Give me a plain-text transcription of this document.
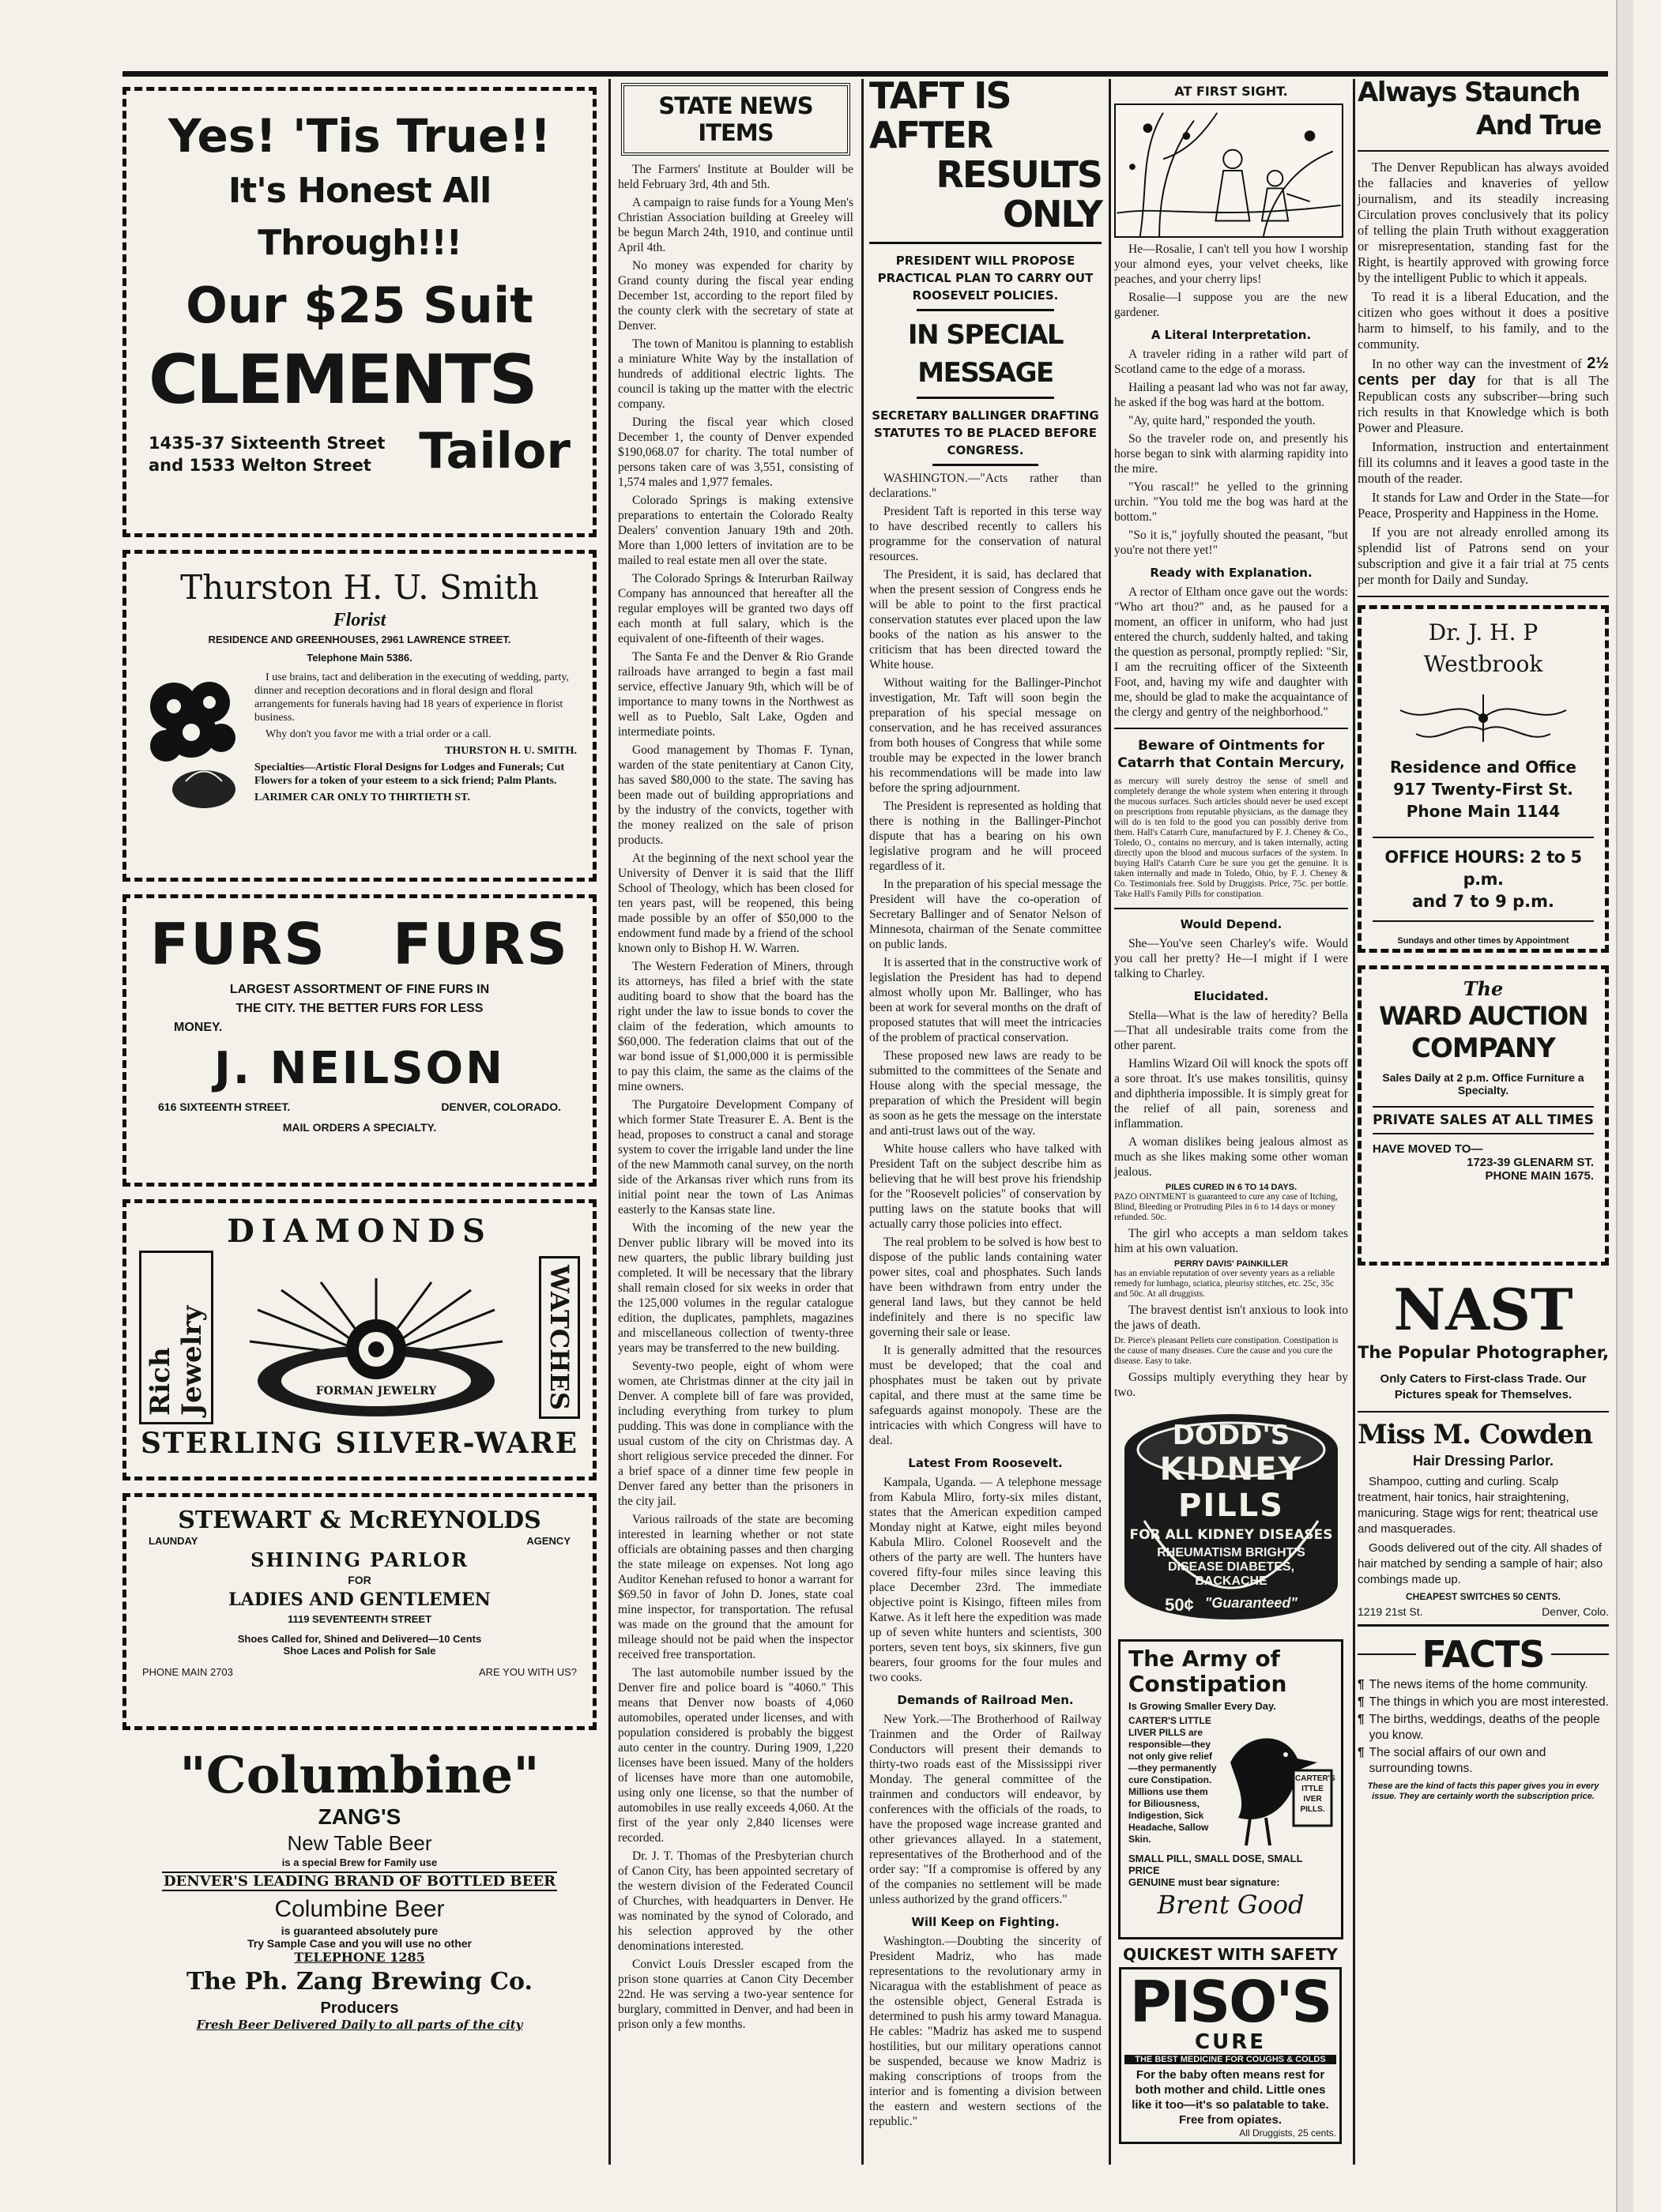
Yes! 'Tis True!!
It's Honest All Through!!!
Our $25 Suit
CLEMENTS
1435-37 Sixteenth Street
and 1533 Welton Street Tailor
Thurston H. U. Smith
Florist
RESIDENCE AND GREENHOUSES, 2961 LAWRENCE STREET.
Telephone Main 5386.

I use brains, tact and deliberation in the executing of wedding, party, dinner and reception decorations and in floral design and floral arrangements for funerals having had 18 years of experience in florist business.

Why don't you favor me with a trial order or a call.

THURSTON H. U. SMITH.

Specialties—Artistic Floral Designs for Lodges and Funerals; Cut Flowers for a token of your esteem to a sick friend; Palm Plants.

LARIMER CAR ONLY TO THIRTIETH ST.

FURS FURS
LARGEST ASSORTMENT OF FINE FURS IN
THE CITY. THE BETTER FURS FOR LESS
MONEY.
J. NEILSON
616 SIXTEENTH STREET.	DENVER, COLORADO.
MAIL ORDERS A SPECIALTY.
DIAMONDS
Rich Jewelry	FORMAN JEWELRY	WATCHES
STERLING SILVER-WARE
STEWART & McREYNOLDS
LAUNDAY	AGENCY
SHINING PARLOR
FOR
LADIES AND GENTLEMEN
1119 SEVENTEENTH STREET
Shoes Called for, Shined and Delivered—10 Cents
Shoe Laces and Polish for Sale
PHONE MAIN 2703	ARE YOU WITH US?
"Columbine"
ZANG'S
New Table Beer
is a special Brew for Family use
DENVER'S LEADING BRAND OF BOTTLED BEER
Columbine Beer
is guaranteed absolutely pure
Try Sample Case and you will use no other
TELEPHONE 1285
The Ph. Zang Brewing Co.
Producers
Fresh Beer Delivered Daily to all parts of the city
STATE NEWS ITEMS

The Farmers' Institute at Boulder will be held February 3rd, 4th and 5th.

A campaign to raise funds for a Young Men's Christian Association building at Greeley will be begun March 24th, 1910, and continue until April 4th.

No money was expended for charity by Grand county during the fiscal year ending December 1st, according to the report filed by the county clerk with the secretary of state at Denver.

The town of Manitou is planning to establish a miniature White Way by the installation of hundreds of additional electric lights. The council is taking up the matter with the electric company.

During the fiscal year which closed December 1, the county of Denver expended $190,068.07 for charity. The total number of persons taken care of was 3,551, consisting of 1,574 males and 1,977 females.

Colorado Springs is making extensive preparations to entertain the Colorado Realty Dealers' convention January 19th and 20th. More than 1,000 letters of invitation are to be mailed to real estate men all over the state.

The Colorado Springs & Interurban Railway Company has announced that hereafter all the regular employes will be granted two days off each month at full salary, which is the equivalent of one-fifteenth of their wages.

The Santa Fe and the Denver & Rio Grande railroads have arranged to begin a fast mail service, effective January 9th, which will be of importance to many towns in the Northwest as well as to Pueblo, Salt Lake, Ogden and intermediate points.

Good management by Thomas F. Tynan, warden of the state penitentiary at Canon City, has saved $80,000 to the state. The saving has been made out of building appropriations and by the industry of the convicts, together with the money realized on the sale of prison products.

At the beginning of the next school year the University of Denver it is said that the Iliff School of Theology, which has been closed for ten years past, will be reopened, this being made possible by an offer of $50,000 to the endowment fund made by a friend of the school known only to Bishop H. W. Warren.

The Western Federation of Miners, through its attorneys, has filed a brief with the state auditing board to show that the board has the right under the law to issue bonds to cover the claim of the federation, which amounts to $60,000. The federation claims that out of the war bond issue of $1,000,000 it is permissible to pay this claim, the same as the claims of the mine owners.

The Purgatoire Development Company of which former State Treasurer E. A. Bent is the head, proposes to construct a canal and storage system to cover the irrigable land under the line of the new Mammoth canal survey, on the north side of the Arkansas river which runs from its initial point near the town of Las Animas easterly to the Kansas state line.

With the incoming of the new year the Denver public library will be moved into its new quarters, the public library building just completed. It will be necessary that the library shall remain closed for six weeks in order that the 125,000 volumes in the regular catalogue edition, the duplicates, pamphlets, magazines and miscellaneous collection of twenty-three years may be transferred to the new building.

Seventy-two people, eight of whom were women, ate Christmas dinner at the city jail in Denver. A complete bill of fare was provided, including everything from turkey to plum pudding. This was done in compliance with the usual custom of the city on Christmas day. A short religious service preceded the dinner. For a brief space of a dinner time few people in Denver fared any better than the prisoners in the city jail.

Various railroads of the state are becoming interested in learning whether or not state officials are obtaining passes and then charging the state mileage on expenses. Not long ago Auditor Kenehan refused to honor a warrant for $69.50 in favor of John D. Jones, state coal mine inspector, for transportation. The refusal was made on the ground that the amount for mileage should not be paid when the inspector received free transportation.

The last automobile number issued by the Denver fire and police board is "4060." This means that Denver now boasts of 4,060 automobiles, operated under licenses, and with population considered is probably the biggest auto center in the country. During 1909, 1,220 licenses have been issued. Many of the holders of licenses have more than one automobile, using only one license, so that the number of automobiles in use really exceeds 4,060. At the first of the year only 2,840 licenses were recorded.

Dr. J. T. Thomas of the Presbyterian church of Canon City, has been appointed secretary of the western division of the Federated Council of Churches, with headquarters in Denver. He was nominated by the synod of Colorado, and his selection approved by the other denominations interested.

Convict Louis Dressler escaped from the prison stone quarries at Canon City December 22nd. He was serving a two-year sentence for burglary, committed in Denver, and had been in prison only a few months.

TAFT IS AFTER
RESULTS ONLY
PRESIDENT WILL PROPOSE PRACTICAL PLAN TO CARRY OUT ROOSEVELT POLICIES.
IN SPECIAL MESSAGE
SECRETARY BALLINGER DRAFTING STATUTES TO BE PLACED BEFORE CONGRESS.

WASHINGTON.—"Acts rather than declarations."

President Taft is reported in this terse way to have described recently to callers his programme for the conservation of natural resources.

The President, it is said, has declared that when the present session of Congress ends he will be able to point to the first practical conservation statutes ever placed upon the law books of the nation as his answer to the criticism that has been directed toward the White house.

Without waiting for the Ballinger-Pinchot investigation, Mr. Taft will soon begin the preparation of his special message on conservation, and he has received assurances from both houses of Congress that while some trouble may be expected in the lower branch his recommendations will be made into law before the spring adjournment.

The President is represented as holding that there is nothing in the Ballinger-Pinchot dispute that has a bearing on his own legislative program and he will proceed regardless of it.

In the preparation of his special message the President will have the co-operation of Secretary Ballinger and of Senator Nelson of Minnesota, chairman of the Senate committee on public lands.

It is asserted that in the constructive work of legislation the President has had to depend almost wholly upon Mr. Ballinger, who has been at work for several months on the draft of proposed statutes that will meet the intricacies of the problem of practical conservation.

These proposed new laws are ready to be submitted to the committees of the Senate and House along with the special message, the preparation of which the President will begin as soon as he gets the message on the interstate and anti-trust laws out of the way.

White house callers who have talked with President Taft on the subject describe him as believing that he will best prove his friendship for the "Roosevelt policies" of conservation by putting laws on the statute books that will actually carry those policies into effect.

The real problem to be solved is how best to dispose of the public lands containing water power sites, coal and phosphates. Such lands have been withdrawn from entry under the general land laws, but they cannot be held indefinitely and there is no specific law governing their sale or lease.

It is generally admitted that the resources must be developed; that the coal and phosphates must be taken out by private capital, and there must at the same time be safeguards against monopoly. These are the intricacies with which Congress will have to deal.

Latest From Roosevelt.

Kampala, Uganda. — A telephone message from Kabula Mliro, forty-six miles distant, states that the American expedition camped Monday night at Katwe, eight miles beyond Kabula Mliro. Colonel Roosevelt and the others of the party are well. The hunters have covered fifty-four miles since leaving this place December 23rd. The immediate objective point is Kisingo, fifteen miles from Katwe. As it left here the expedition was made up of seven white hunters and scientists, 300 porters, seven tent boys, six skinners, five gun bearers, four grooms for the four mules and two cooks.

Demands of Railroad Men.

New York.—The Brotherhood of Railway Trainmen and the Order of Railway Conductors will present their demands to thirty-two roads east of the Mississippi river Monday. The general committee of the trainmen and conductors will endeavor, by conferences with the officials of the roads, to have the proposed wage increase granted and other grievances allayed. In a statement, representatives of the Brotherhood and of the order say: "If a compromise is offered by any of the companies no settlement will be made unless authorized by the grand officers."

Will Keep on Fighting.

Washington.—Doubting the sincerity of President Madriz, who has made representations to the revolutionary army in Nicaragua with the establishment of peace as the ostensible object, General Estrada is determined to push his army toward Managua. He cables: "Madriz has asked me to suspend hostilities, but our military operations cannot be suspended, because we know Madriz is making conscriptions of troops from the interior and is fomenting a division between the eastern and western sections of the republic."

AT FIRST SIGHT.

He—Rosalie, I can't tell you how I worship your almond eyes, your velvet cheeks, like peaches, and your cherry lips!

Rosalie—I suppose you are the new gardener.

A Literal Interpretation.

A traveler riding in a rather wild part of Scotland came to the edge of a morass.

Hailing a peasant lad who was not far away, he asked if the bog was hard at the bottom.

"Ay, quite hard," responded the youth.

So the traveler rode on, and presently his horse began to sink with alarming rapidity into the mire.

"You rascal!" he yelled to the grinning urchin. "You told me the bog was hard at the bottom."

"So it is," joyfully shouted the peasant, "but you're not there yet!"

Ready with Explanation.

A rector of Eltham once gave out the words: "Who art thou?" and, as he paused for a moment, an officer in uniform, who had just entered the church, suddenly halted, and taking the question as personal, promptly replied: "Sir, I am the recruiting officer of the Sixteenth Foot, and, having my wife and daughter with me, should be glad to make the acquaintance of the clergy and gentry of the neighborhood."

Beware of Ointments for Catarrh that Contain Mercury,

as mercury will surely destroy the sense of smell and completely derange the whole system when entering it through the mucous surfaces. Such articles should never be used except on prescriptions from reputable physicians, as the damage they will do is ten fold to the good you can possibly derive from them. Hall's Catarrh Cure, manufactured by F. J. Cheney & Co., Toledo, O., contains no mercury, and is taken internally, acting directly upon the blood and mucous surfaces of the system. In buying Hall's Catarrh Cure be sure you get the genuine. It is taken internally and made in Toledo, Ohio, by F. J. Cheney & Co. Testimonials free. Sold by Druggists. Price, 75c. per bottle. Take Hall's Family Pills for constipation.

Would Depend.

She—You've seen Charley's wife. Would you call her pretty? He—I might if I were talking to Charley.

Elucidated.

Stella—What is the law of heredity? Bella—That all undesirable traits come from the other parent.

Hamlins Wizard Oil will knock the spots off a sore throat. It's use makes tonsilitis, quinsy and diphtheria impossible. It is simply great for the relief of all pain, soreness and inflammation.

A woman dislikes being jealous almost as much as she likes making some other woman jealous.

PILES CURED IN 6 TO 14 DAYS.

PAZO OINTMENT is guaranteed to cure any case of Itching, Blind, Bleeding or Protruding Piles in 6 to 14 days or money refunded. 50c.

The girl who accepts a man seldom takes him at his own valuation.

PERRY DAVIS' PAINKILLER

has an enviable reputation of over seventy years as a reliable remedy for lumbago, sciatica, pleurisy stitches, etc. 25c, 35c and 50c. At all druggists.

The bravest dentist isn't anxious to look into the jaws of death.

Dr. Pierce's pleasant Pellets cure constipation. Constipation is the cause of many diseases. Cure the cause and you cure the disease. Easy to take.

Gossips multiply everything they hear by two.

DODD'S
KIDNEY
PILLS
FOR ALL KIDNEY DISEASES
RHEUMATISM BRIGHT'S DISEASE DIABETES, BACKACHE
50¢ "Guaranteed"
The Army of
Constipation
Is Growing Smaller Every Day.
CARTER'S LITTLE LIVER PILLS are responsible—they not only give relief—they permanently cure Constipation. Millions use them for Biliousness, Indigestion, Sick Headache, Sallow Skin.
CARTER'S ITTLE IVER PILLS.
SMALL PILL, SMALL DOSE, SMALL PRICE
GENUINE must bear signature:
Brent Good
QUICKEST WITH SAFETY
PISO'S
CURE
THE BEST MEDICINE FOR COUGHS & COLDS
For the baby often means rest for both mother and child. Little ones like it too—it's so palatable to take. Free from opiates.
All Druggists, 25 cents.
Always Staunch
And True

The Denver Republican has always avoided the fallacies and knaveries of yellow journalism, and its steadily increasing Circulation proves conclusively that its policy of telling the plain Truth without exaggeration or misrepresentation, standing fast for the Right, is heartily approved with growing force by the intelligent Public to which it appeals.

To read it is a liberal Education, and the citizen who goes without it does a positive harm to himself, to his family, and to the community.

In no other way can the investment of 2½ cents per day for that is all The Republican costs any subscriber—bring such rich results in that Knowledge which is both Power and Pleasure.

Information, instruction and entertainment fill its columns and it leaves a good taste in the mouth of the reader.

It stands for Law and Order in the State—for Peace, Prosperity and Happiness in the Home.

If you are not already enrolled among its splendid list of Patrons send on your subscription and give it a fair trial at 75 cents per month for Daily and Sunday.

Dr. J. H. P Westbrook
Residence and Office
917 Twenty-First St.
Phone Main 1144
OFFICE HOURS: 2 to 5 p.m.
and 7 to 9 p.m.
Sundays and other times by Appointment
The
WARD AUCTION
COMPANY
Sales Daily at 2 p.m. Office Furniture a Specialty.
PRIVATE SALES AT ALL TIMES
HAVE MOVED TO—
1723-39 GLENARM ST.
PHONE MAIN 1675.
NAST
The Popular Photographer,
Only Caters to First-class Trade. Our Pictures speak for Themselves.
Miss M. Cowden
Hair Dressing Parlor.

Shampoo, cutting and curling. Scalp treatment, hair tonics, hair straightening, manicuring. Stage wigs for rent; theatrical use and masquerades.

Goods delivered out of the city. All shades of hair matched by sending a sample of hair; also combings made up.

CHEAPEST SWITCHES 50 CENTS.
1219 21st St.	Denver, Colo.
FACTS
¶ The news items of the home community.
¶ The things in which you are most interested.
¶ The births, weddings, deaths of the people you know.
¶ The social affairs of our own and surrounding towns.
These are the kind of facts this paper gives you in every issue. They are certainly worth the subscription price.
